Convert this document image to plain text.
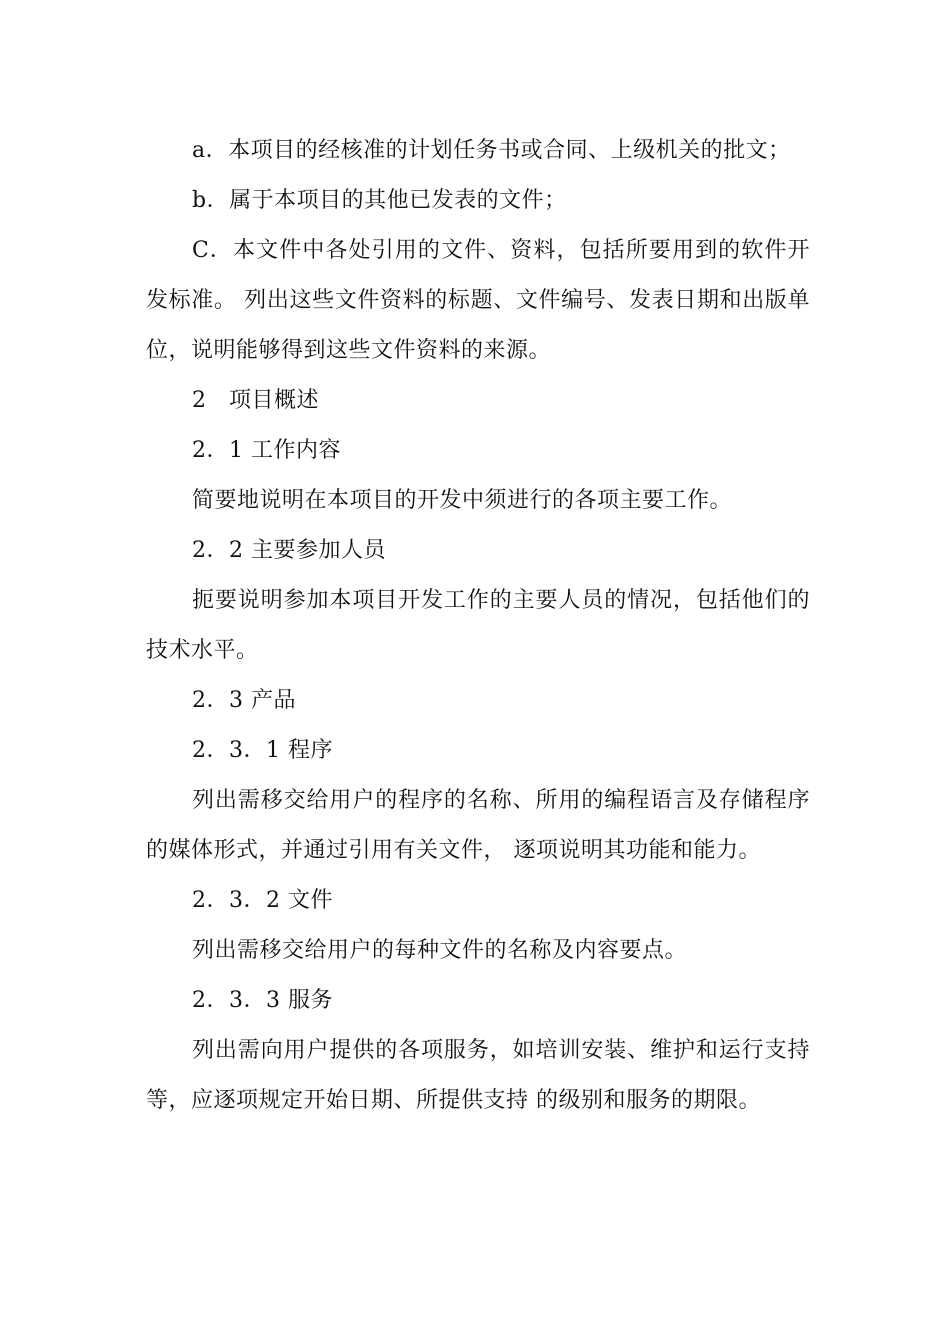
a．本项目的经核准的计划任务书或合同、上级机关的批文；

b．属于本项目的其他已发表的文件；

C．本文件中各处引用的文件、资料，包括所要用到的软件开发标准。 列出这些文件资料的标题、文件编号、发表日期和出版单位，说明能够得到这些文件资料的来源。

2　项目概述

2．1 工作内容

简要地说明在本项目的开发中须进行的各项主要工作。

2．2 主要参加人员

扼要说明参加本项目开发工作的主要人员的情况，包括他们的技术水平。

2．3 产品

2．3．1 程序

列出需移交给用户的程序的名称、所用的编程语言及存储程序的媒体形式，并通过引用有关文件， 逐项说明其功能和能力。

2．3．2 文件

列出需移交给用户的每种文件的名称及内容要点。

2．3．3 服务

列出需向用户提供的各项服务，如培训安装、维护和运行支持等，应逐项规定开始日期、所提供支持 的级别和服务的期限。
